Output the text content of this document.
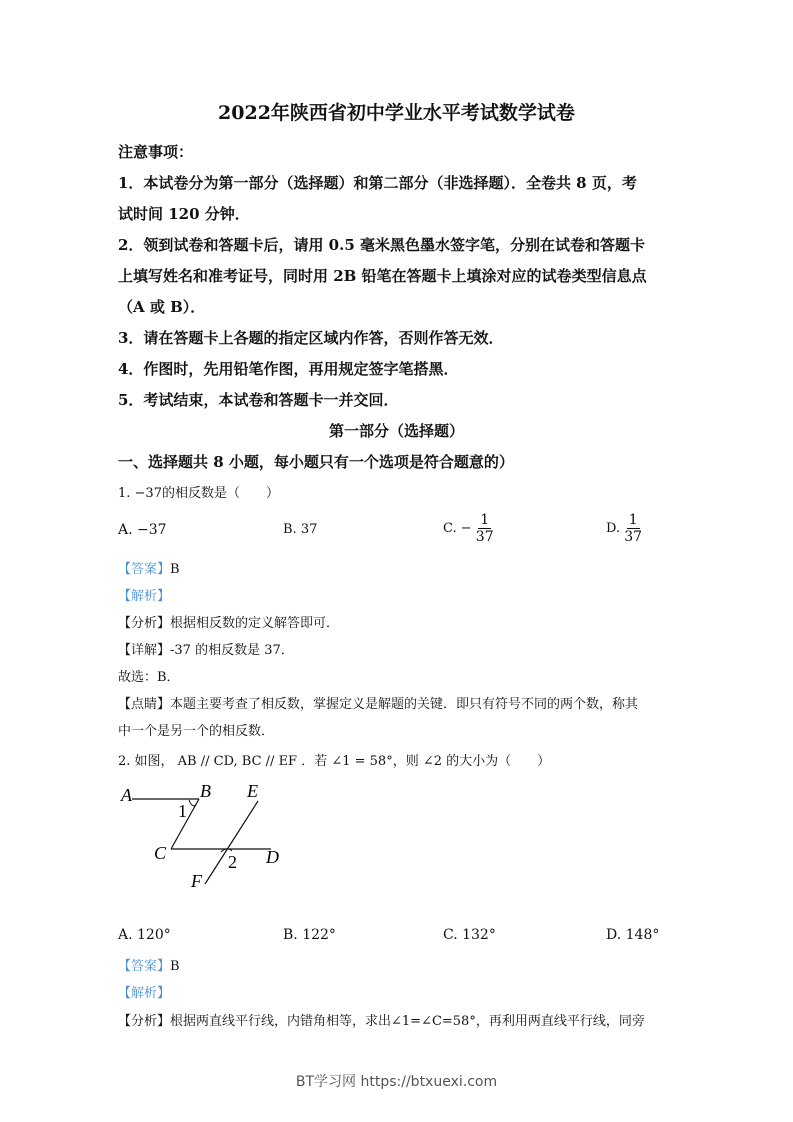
2022年陕西省初中学业水平考试数学试卷
注意事项：
1．本试卷分为第一部分（选择题）和第二部分（非选择题）．全卷共 8 页，考
试时间 120 分钟．
2．领到试卷和答题卡后，请用 0.5 毫米黑色墨水签字笔，分别在试卷和答题卡
上填写姓名和准考证号，同时用 2B 铅笔在答题卡上填涂对应的试卷类型信息点
（A 或 B）．
3．请在答题卡上各题的指定区域内作答，否则作答无效．
4．作图时，先用铅笔作图，再用规定签字笔搭黑．
5．考试结束，本试卷和答题卡一并交回．
第一部分（选择题）
一、选择题共 8 小题，每小题只有一个选项是符合题意的）
1. −37的相反数是（　　）
A. −37	B. 37	C. − $\frac{1}{37}$	D. $\frac{1}{37}$
【答案】B
【解析】
【分析】根据相反数的定义解答即可．
【详解】-37 的相反数是 37．
故选：B．
【点睛】本题主要考查了相反数，掌握定义是解题的关键．即只有符号不同的两个数，称其
中一个是另一个的相反数．
2. 如图， AB // CD, BC // EF ．若 ∠1 = 58°，则 ∠2 的大小为（　　）
A	B E
1
C	2 D
F
A. 120°	B. 122°	C. 132°	D. 148°
【答案】B
【解析】
【分析】根据两直线平行线，内错角相等，求出∠1=∠C=58°，再利用两直线平行线，同旁
BT学习网 https://btxuexi.com
